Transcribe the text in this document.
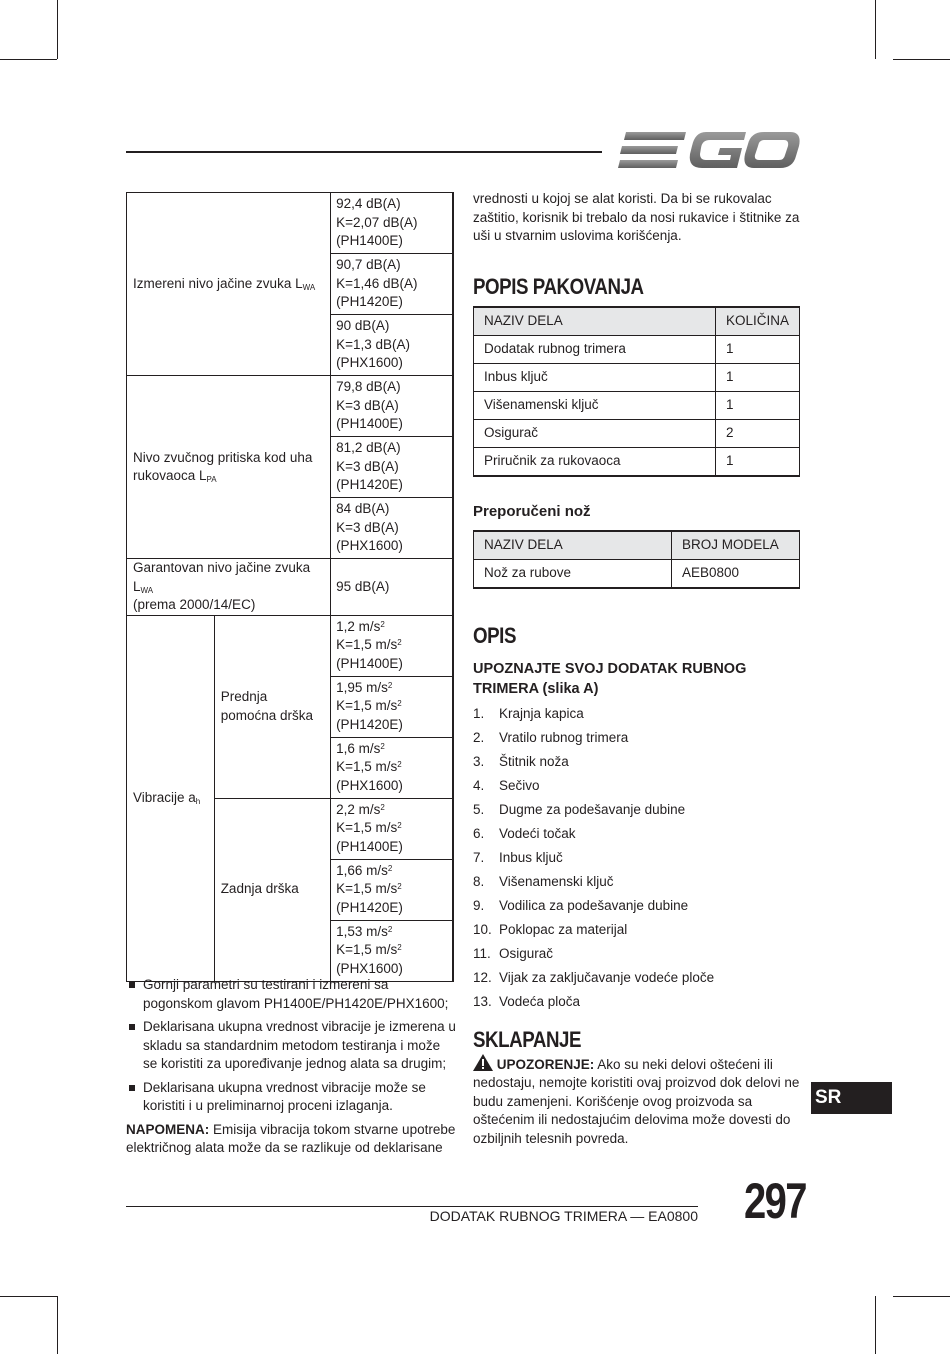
Izmereni nivo jačine zvuka $L_{WA}$		92,4 dB(A)
K=2,07 dB(A)
(PH1400E)
		90,7 dB(A)
K=1,46 dB(A)
(PH1420E)
		90 dB(A)
K=1,3 dB(A)
(PHX1600)
Nivo zvučnog pritiska kod uha rukovaoca $L_{PA}$		79,8 dB(A)
K=3 dB(A)
(PH1400E)
		81,2 dB(A)
K=3 dB(A)
(PH1420E)
		84 dB(A)
K=3 dB(A)
(PHX1600)
Garantovan nivo jačine zvuka $L_{WA}$
(prema 2000/14/EC)		95 dB(A)
Vibracije $a_h$	Prednja pomoćna drška	1,2 $m/s^2$
K=1,5 $m/s^2$
(PH1400E)
		1,95 $m/s^2$
K=1,5 $m/s^2$
(PH1420E)
		1,6 $m/s^2$
K=1,5 $m/s^2$
(PHX1600)
	Zadnja drška	2,2 $m/s^2$
K=1,5 $m/s^2$
(PH1400E)
		1,66 $m/s^2$
K=1,5 $m/s^2$
(PH1420E)
		1,53 $m/s^2$
K=1,5 $m/s^2$
(PHX1600)
Gornji parametri su testirani i izmereni sa pogonskom glavom PH1400E/PH1420E/PHX1600;
Deklarisana ukupna vrednost vibracije je izmerena u skladu sa standardnim metodom testiranja i može se koristiti za upoređivanje jednog alata sa drugim;
Deklarisana ukupna vrednost vibracije može se koristiti i u preliminarnoj proceni izlaganja.
NAPOMENA: Emisija vibracija tokom stvarne upotrebe električnog alata može da se razlikuje od deklarisane
vrednosti u kojoj se alat koristi. Da bi se rukovalac zaštitio, korisnik bi trebalo da nosi rukavice i štitnike za uši u stvarnim uslovima korišćenja.
POPIS PAKOVANJA
NAZIV DELA	KOLIČINA
Dodatak rubnog trimera	1
Inbus ključ	1
Višenamenski ključ	1
Osigurač	2
Priručnik za rukovaoca	1
Preporučeni nož
NAZIV DELA	BROJ MODELA
Nož za rubove	AEB0800
OPIS
UPOZNAJTE SVOJ DODATAK RUBNOG TRIMERA (slika A)
1.	Krajnja kapica
2.	Vratilo rubnog trimera
3.	Štitnik noža
4.	Sečivo
5.	Dugme za podešavanje dubine
6.	Vodeći točak
7.	Inbus ključ
8.	Višenamenski ključ
9.	Vodilica za podešavanje dubine
10. Poklopac za materijal
11. Osigurač
12. Vijak za zaključavanje vodeće ploče
13. Vodeća ploča
SKLAPANJE
UPOZORENJE: Ako su neki delovi oštećeni ili nedostaju, nemojte koristiti ovaj proizvod dok delovi ne budu zamenjeni. Korišćenje ovog proizvoda sa oštećenim ili nedostajućim delovima može dovesti do ozbiljnih telesnih povreda.
SR
DODATAK RUBNOG TRIMERA — EA0800 297
